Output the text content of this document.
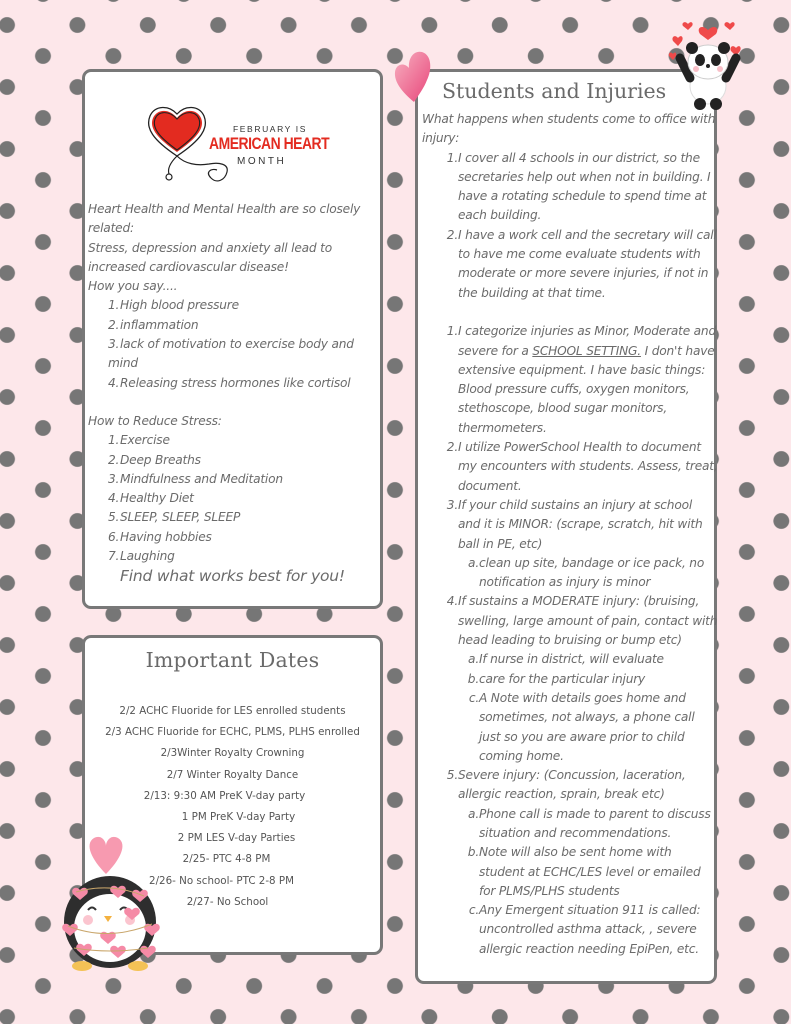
FEBRUARY IS
AMERICAN HEART
MONTH

Heart Health and Mental Health are so closely related:

Stress, depression and anxiety all lead to increased cardiovascular disease!

How you say....

1.High blood pressure

2.inflammation

3.lack of motivation to exercise body and mind

4.Releasing stress hormones like cortisol

How to Reduce Stress:

1.Exercise

2.Deep Breaths

3.Mindfulness and Meditation

4.Healthy Diet

5.SLEEP, SLEEP, SLEEP

6.Having hobbies

7.Laughing

Find what works best for you!
Important Dates
2/2 ACHC Fluoride for LES enrolled students
2/3 ACHC Fluoride for ECHC, PLMS, PLHS enrolled
2/3Winter Royalty Crowning
2/7 Winter Royalty Dance
2/13: 9:30 AM PreK V-day party
1 PM PreK V-day Party
2 PM LES V-day Parties
2/25- PTC 4-8 PM
2/26- No school- PTC 2-8 PM
2/27- No School
Students and Injuries

What happens when students come to office with injury:

1. I cover all 4 schools in our district, so the secretaries help out when not in building. I have a rotating schedule to spend time at each building.
2. I have a work cell and the secretary will call to have me come evaluate students with moderate or more severe injuries, if not in the building at that time.
1. I categorize injuries as Minor, Moderate and severe for a SCHOOL SETTING. I don't have extensive equipment. I have basic things: Blood pressure cuffs, oxygen monitors, stethoscope, blood sugar monitors, thermometers.
2. I utilize PowerSchool Health to document my encounters with students. Assess, treat, document.
3. If your child sustains an injury at school and it is MINOR: (scrape, scratch, hit with ball in PE, etc)
a. clean up site, bandage or ice pack, no notification as injury is minor
4. If sustains a MODERATE injury: (bruising, swelling, large amount of pain, contact with head leading to bruising or bump etc)
a. If nurse in district, will evaluate
b. care for the particular injury
c. A Note with details goes home and sometimes, not always, a phone call just so you are aware prior to child coming home.
5. Severe injury: (Concussion, laceration, allergic reaction, sprain, break etc)
a. Phone call is made to parent to discuss situation and recommendations.
b. Note will also be sent home with student at ECHC/LES level or emailed for PLMS/PLHS students
c. Any Emergent situation 911 is called: uncontrolled asthma attack, , severe allergic reaction needing EpiPen, etc.
